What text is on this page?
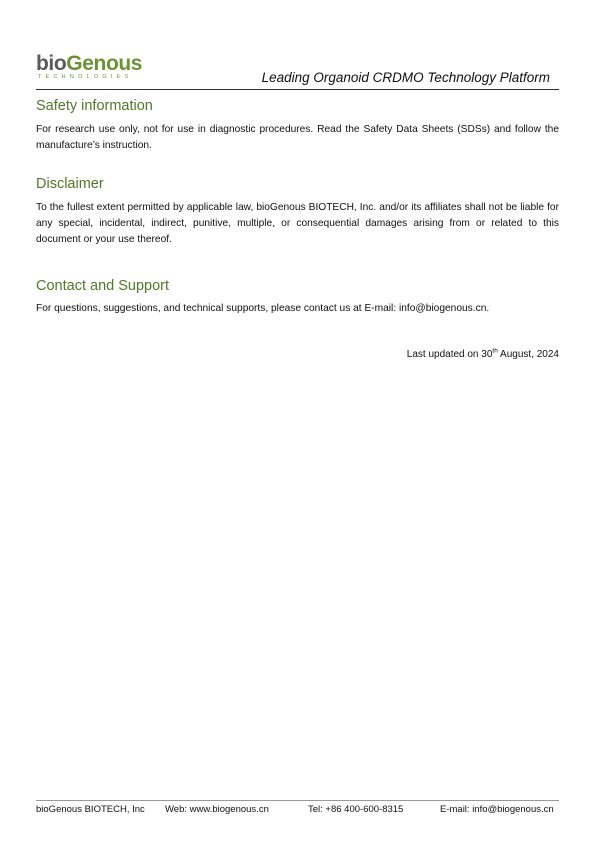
bioGenous
TECHNOLOGIES	Leading Organoid CRDMO Technology Platform
Safety information
For research use only, not for use in diagnostic procedures. Read the Safety Data Sheets (SDSs) and follow the manufacture’s instruction.
Disclaimer
To the fullest extent permitted by applicable law, bioGenous BIOTECH, Inc. and/or its affiliates shall not be liable for any special, incidental, indirect, punitive, multiple, or consequential damages arising from or related to this document or your use thereof.
Contact and Support
For questions, suggestions, and technical supports, please contact us at E-mail: info@biogenous.cn.
Last updated on 30th August, 2024
bioGenous BIOTECH, Inc Web: www.biogenous.cn	Tel: +86 400-600-8315	E-mail: info@biogenous.cn
